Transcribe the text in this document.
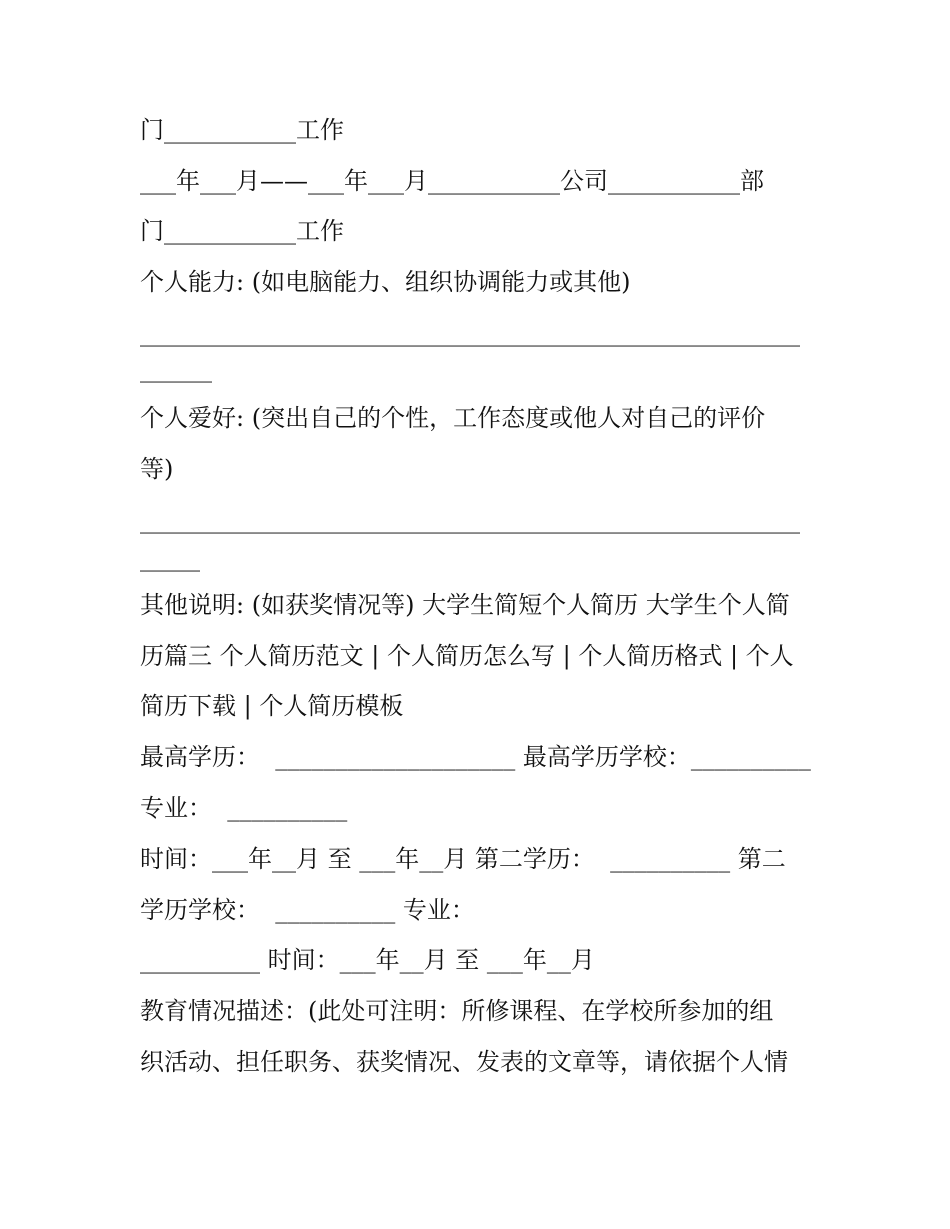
门___________工作
___年___月——___年___月___________公司___________部
门___________工作
个人能力: (如电脑能力、组织协调能力或其他)
_______________________________________________________
______
个人爱好: (突出自己的个性，工作态度或他人对自己的评价
等)
_______________________________________________________
_____
其他说明: (如获奖情况等) 大学生简短个人简历 大学生个人简
历篇三 个人简历范文 | 个人简历怎么写 | 个人简历格式 | 个人
简历下载 | 个人简历模板
最高学历：  ____________________ 最高学历学校：__________
专业：  __________
时间：___年__月 至 ___年__月 第二学历：  __________ 第二
学历学校：  __________ 专业：
__________ 时间：___年__月 至 ___年__月
教育情况描述：(此处可注明：所修课程、在学校所参加的组
织活动、担任职务、获奖情况、发表的文章等，请依据个人情
